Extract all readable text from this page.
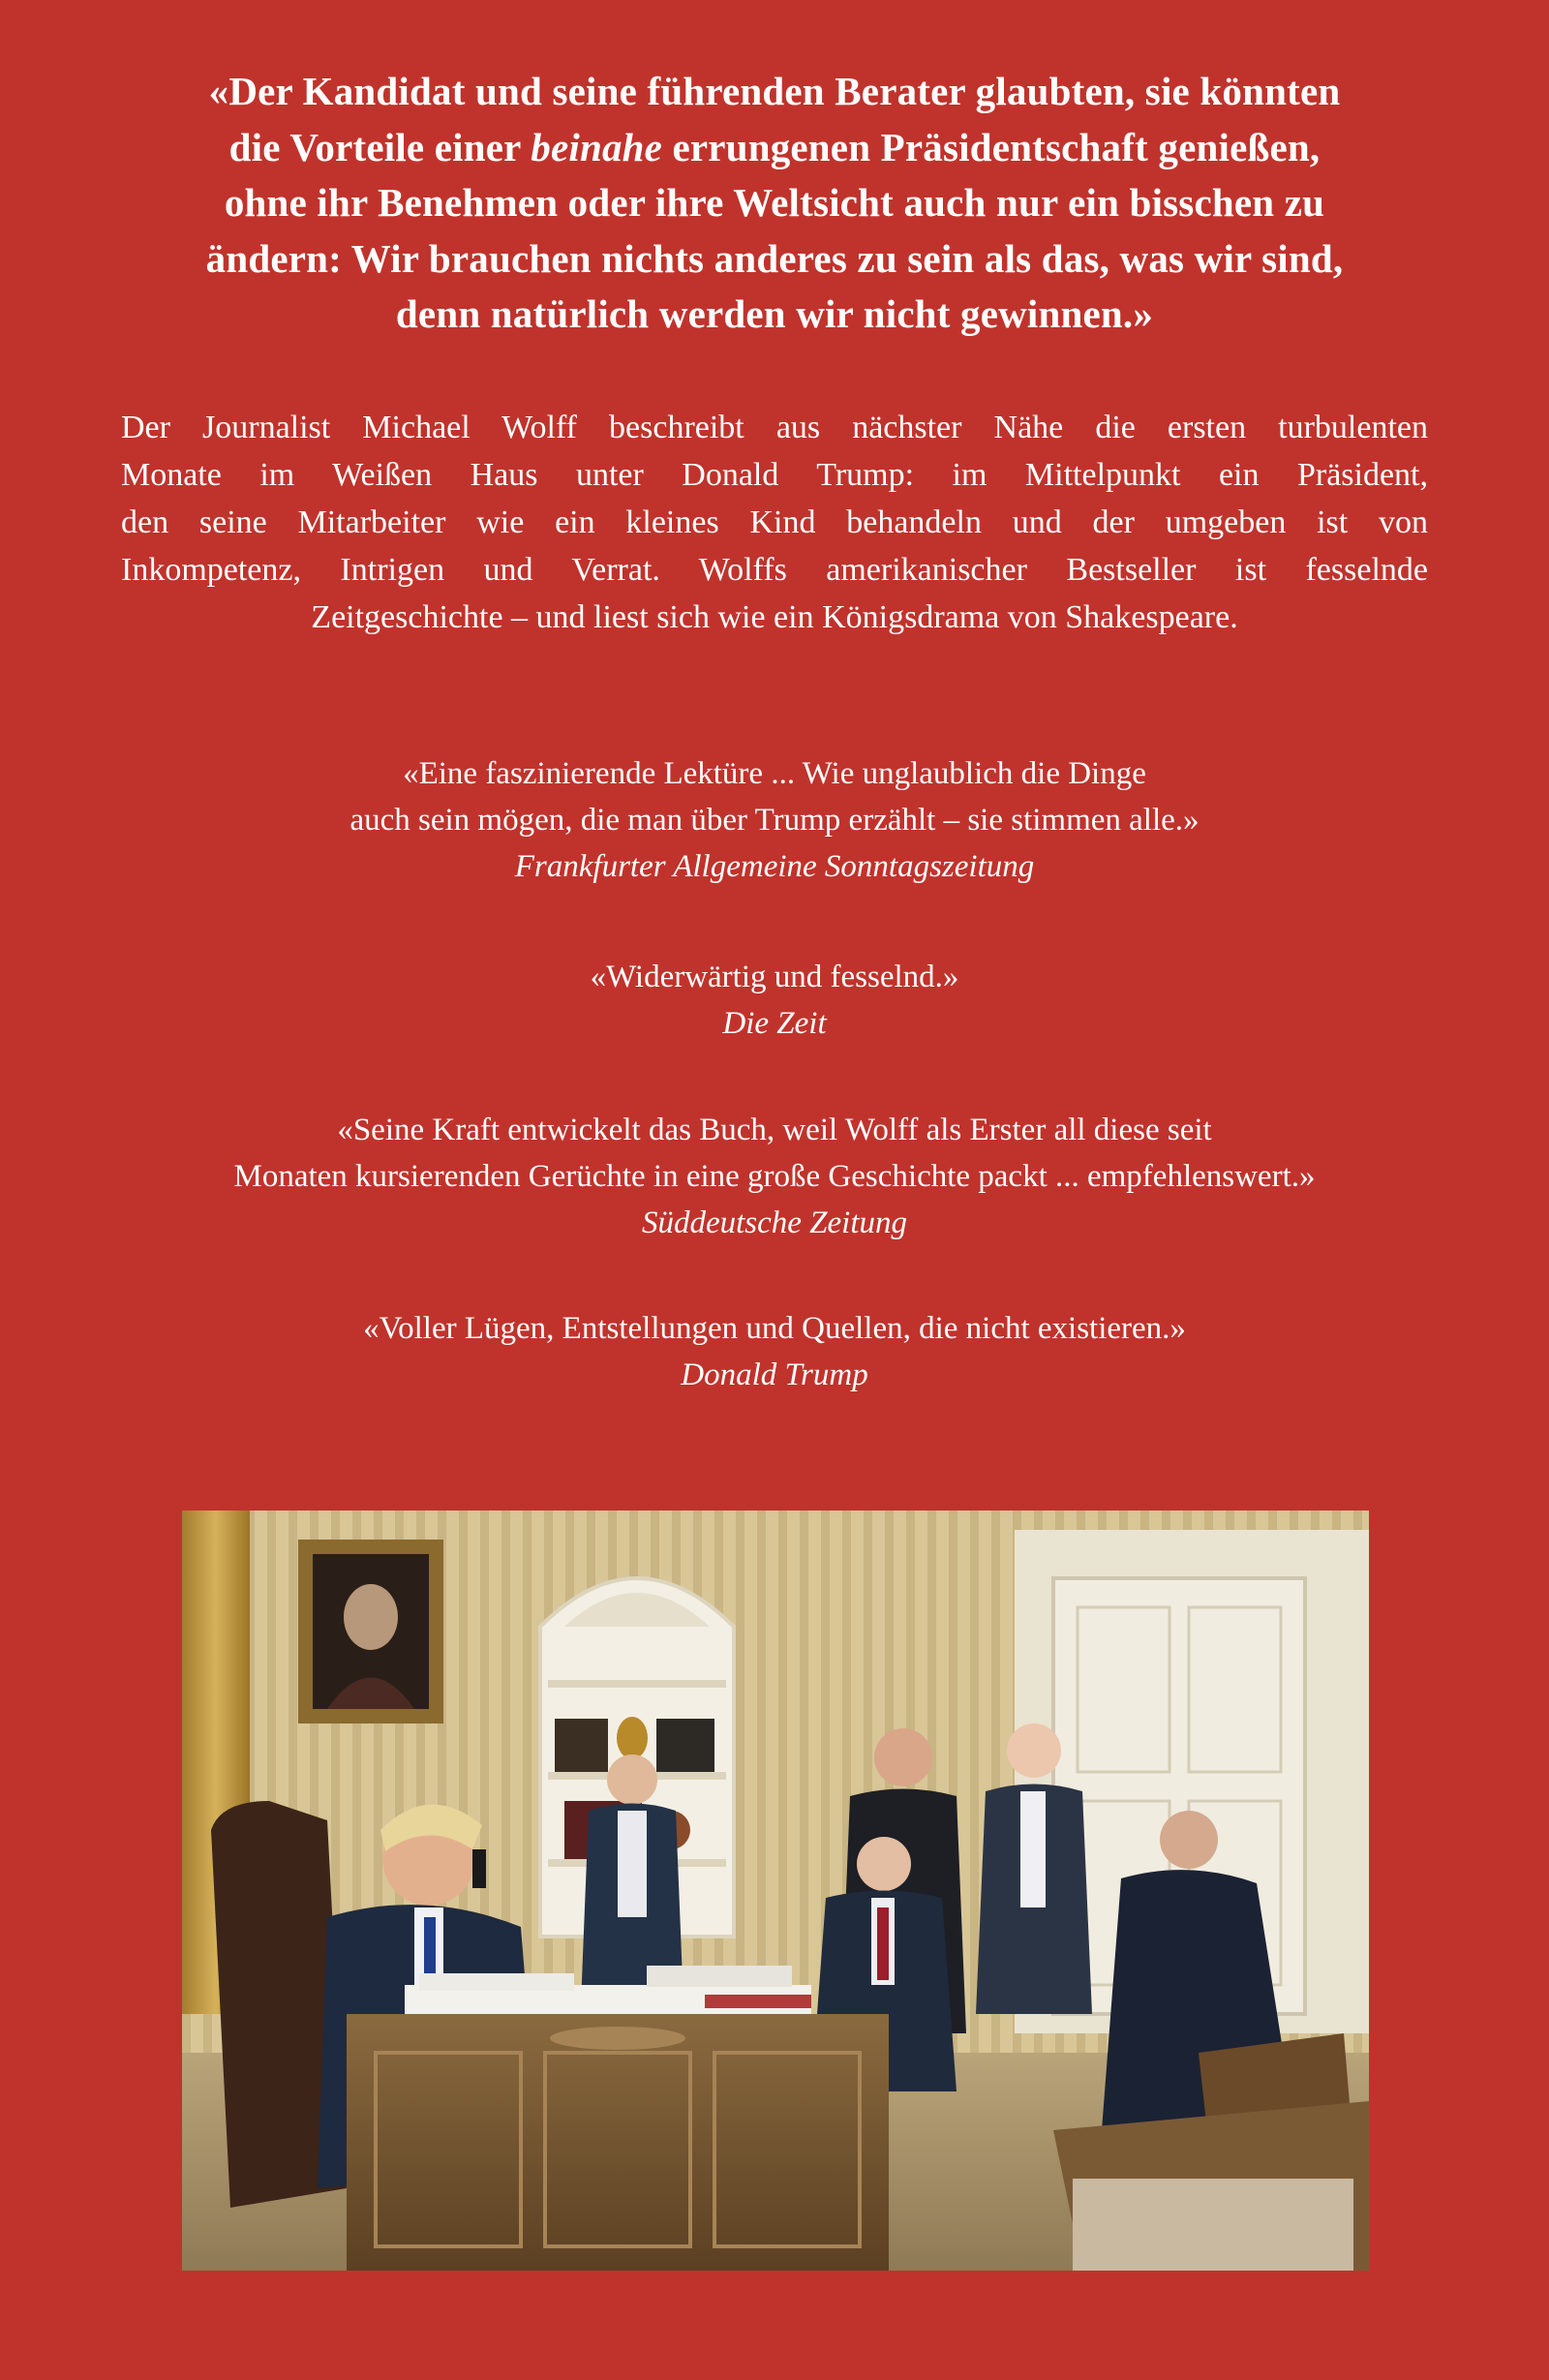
«Der Kandidat und seine führenden Berater glaubten, sie könnten
die Vorteile einer beinahe errungenen Präsidentschaft genießen,
ohne ihr Benehmen oder ihre Weltsicht auch nur ein bisschen zu
ändern: Wir brauchen nichts anderes zu sein als das, was wir sind,
denn natürlich werden wir nicht gewinnen.»
Der Journalist Michael Wolff beschreibt aus nächster Nähe die ersten turbulenten
Monate im Weißen Haus unter Donald Trump: im Mittelpunkt ein Präsident,
den seine Mitarbeiter wie ein kleines Kind behandeln und der umgeben ist von
Inkompetenz, Intrigen und Verrat. Wolffs amerikanischer Bestseller ist fesselnde
Zeitgeschichte – und liest sich wie ein Königsdrama von Shakespeare.
«Eine faszinierende Lektüre ... Wie unglaublich die Dinge
auch sein mögen, die man über Trump erzählt – sie stimmen alle.»
Frankfurter Allgemeine Sonntagszeitung
«Widerwärtig und fesselnd.»
Die Zeit
«Seine Kraft entwickelt das Buch, weil Wolff als Erster all diese seit
Monaten kursierenden Gerüchte in eine große Geschichte packt ... empfehlenswert.»
Süddeutsche Zeitung
«Voller Lügen, Entstellungen und Quellen, die nicht existieren.»
Donald Trump
